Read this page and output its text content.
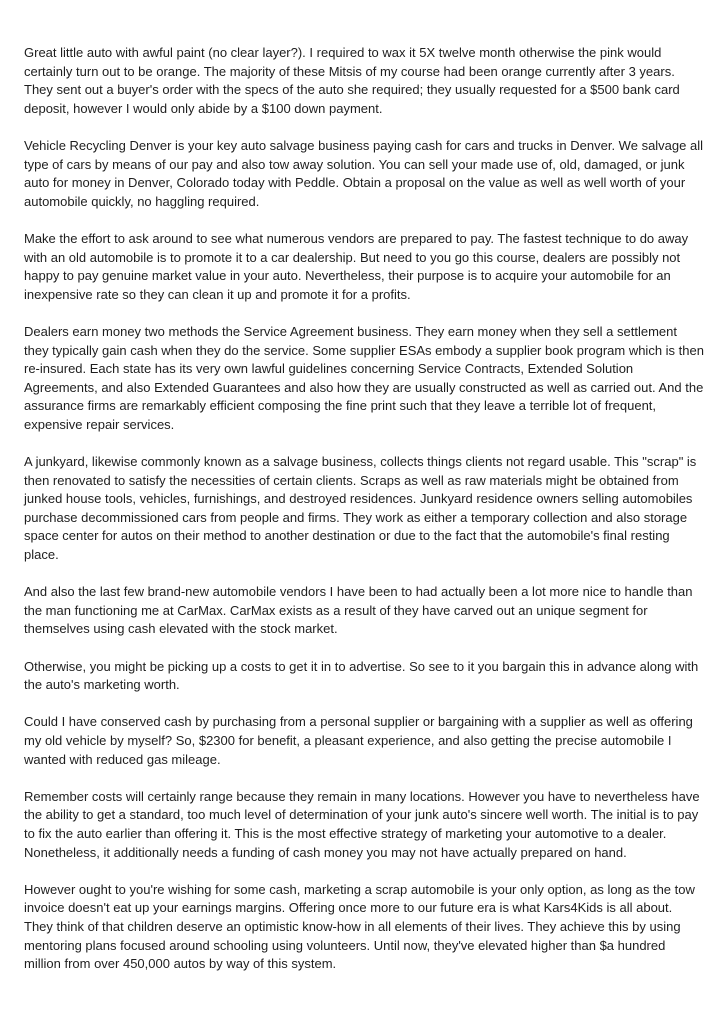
Great little auto with awful paint (no clear layer?). I required to wax it 5X twelve month otherwise the pink would certainly turn out to be orange. The majority of these Mitsis of my course had been orange currently after 3 years. They sent out a buyer's order with the specs of the auto she required; they usually requested for a $500 bank card deposit, however I would only abide by a $100 down payment.

Vehicle Recycling Denver is your key auto salvage business paying cash for cars and trucks in Denver. We salvage all type of cars by means of our pay and also tow away solution. You can sell your made use of, old, damaged, or junk auto for money in Denver, Colorado today with Peddle. Obtain a proposal on the value as well as well worth of your automobile quickly, no haggling required.

Make the effort to ask around to see what numerous vendors are prepared to pay. The fastest technique to do away with an old automobile is to promote it to a car dealership. But need to you go this course, dealers are possibly not happy to pay genuine market value in your auto. Nevertheless, their purpose is to acquire your automobile for an inexpensive rate so they can clean it up and promote it for a profits.

Dealers earn money two methods the Service Agreement business. They earn money when they sell a settlement they typically gain cash when they do the service. Some supplier ESAs embody a supplier book program which is then re-insured. Each state has its very own lawful guidelines concerning Service Contracts, Extended Solution Agreements, and also Extended Guarantees and also how they are usually constructed as well as carried out. And the assurance firms are remarkably efficient composing the fine print such that they leave a terrible lot of frequent, expensive repair services.

A junkyard, likewise commonly known as a salvage business, collects things clients not regard usable. This "scrap" is then renovated to satisfy the necessities of certain clients. Scraps as well as raw materials might be obtained from junked house tools, vehicles, furnishings, and destroyed residences. Junkyard residence owners selling automobiles purchase decommissioned cars from people and firms. They work as either a temporary collection and also storage space center for autos on their method to another destination or due to the fact that the automobile's final resting place.

And also the last few brand-new automobile vendors I have been to had actually been a lot more nice to handle than the man functioning me at CarMax. CarMax exists as a result of they have carved out an unique segment for themselves using cash elevated with the stock market.

Otherwise, you might be picking up a costs to get it in to advertise. So see to it you bargain this in advance along with the auto's marketing worth.

Could I have conserved cash by purchasing from a personal supplier or bargaining with a supplier as well as offering my old vehicle by myself? So, $2300 for benefit, a pleasant experience, and also getting the precise automobile I wanted with reduced gas mileage.

Remember costs will certainly range because they remain in many locations. However you have to nevertheless have the ability to get a standard, too much level of determination of your junk auto's sincere well worth. The initial is to pay to fix the auto earlier than offering it. This is the most effective strategy of marketing your automotive to a dealer. Nonetheless, it additionally needs a funding of cash money you may not have actually prepared on hand.

However ought to you're wishing for some cash, marketing a scrap automobile is your only option, as long as the tow invoice doesn't eat up your earnings margins. Offering once more to our future era is what Kars4Kids is all about. They think of that children deserve an optimistic know-how in all elements of their lives. They achieve this by using mentoring plans focused around schooling using volunteers. Until now, they've elevated higher than $a hundred million from over 450,000 autos by way of this system.
